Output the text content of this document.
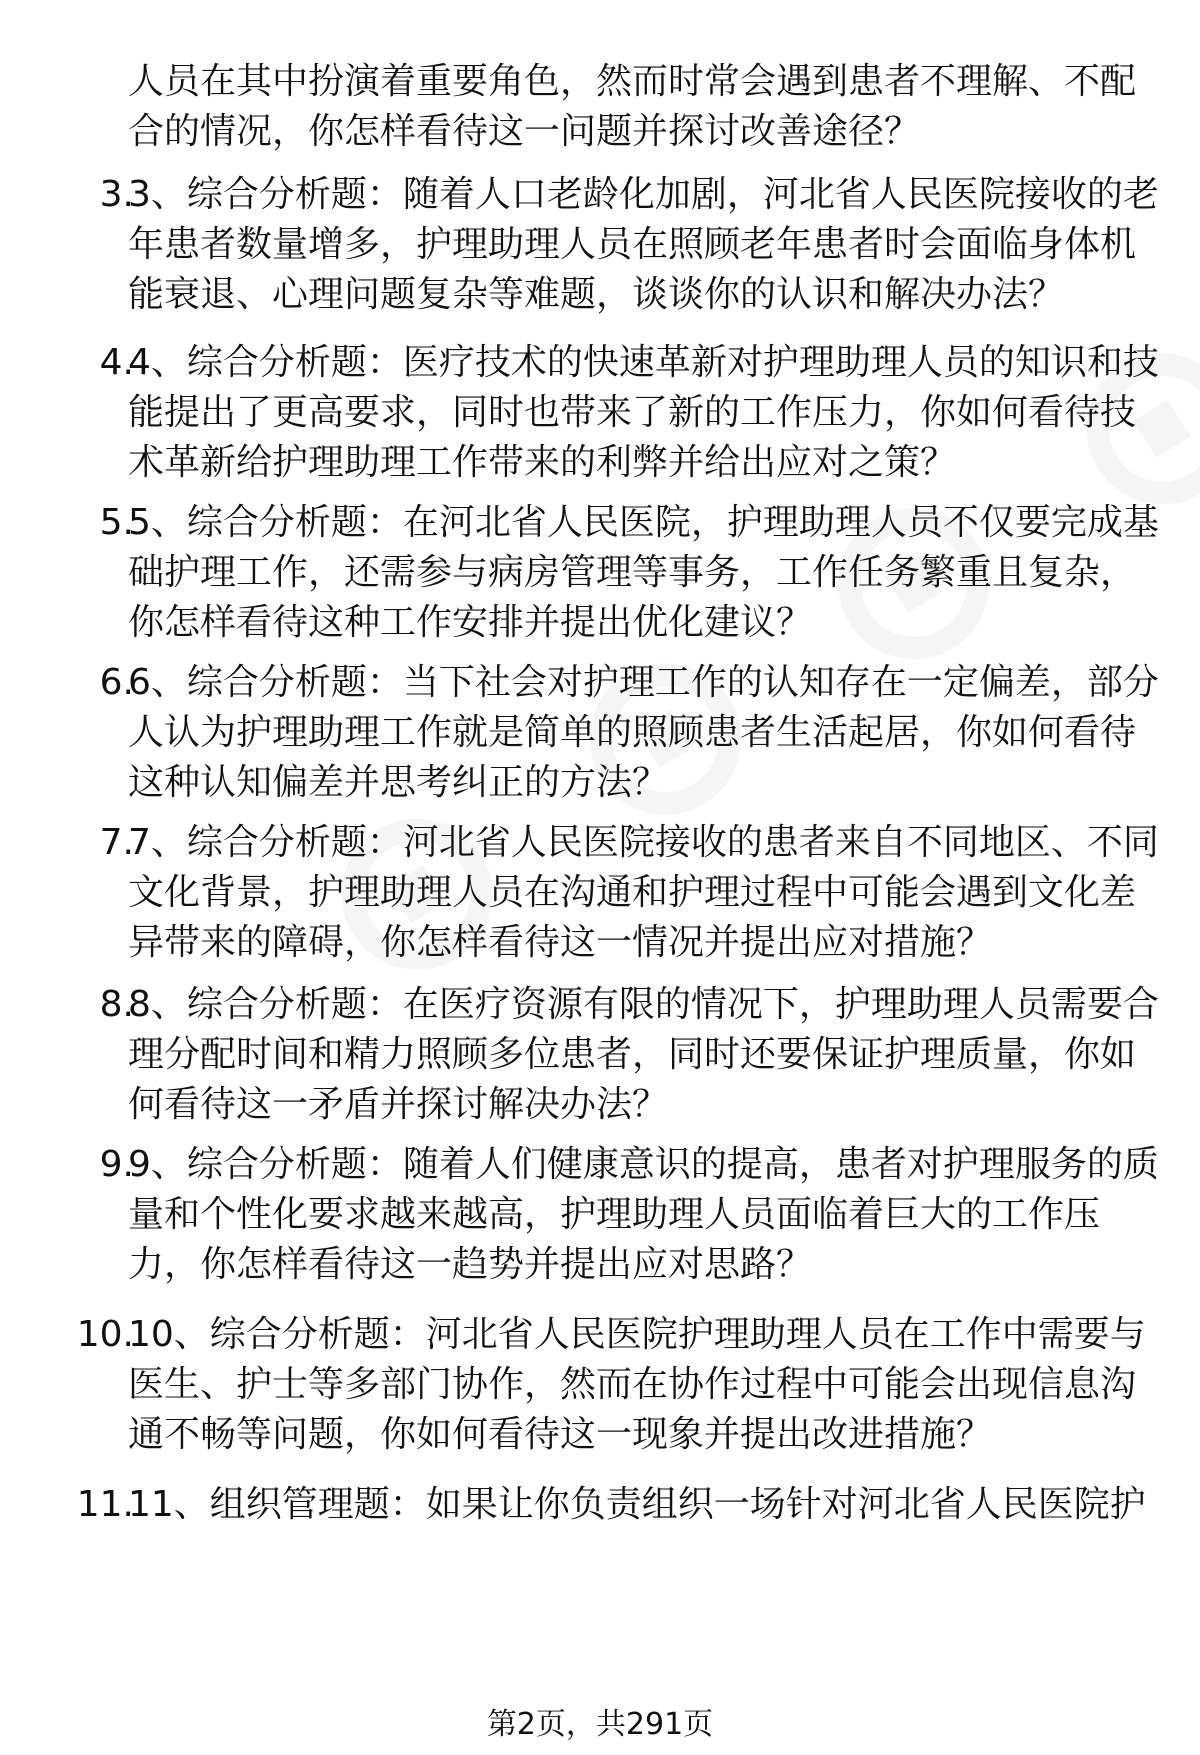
人员在其中扮演着重要角色，然而时常会遇到患者不理解、不配合的情况，你怎样看待这一问题并探讨改善途径？
3.
3、综合分析题：随着人口老龄化加剧，河北省人民医院接收的老年患者数量增多，护理助理人员在照顾老年患者时会面临身体机能衰退、心理问题复杂等难题，谈谈你的认识和解决办法？
4.
4、综合分析题：医疗技术的快速革新对护理助理人员的知识和技能提出了更高要求，同时也带来了新的工作压力，你如何看待技术革新给护理助理工作带来的利弊并给出应对之策？
5.
5、综合分析题：在河北省人民医院，护理助理人员不仅要完成基础护理工作，还需参与病房管理等事务，工作任务繁重且复杂，你怎样看待这种工作安排并提出优化建议？
6.
6、综合分析题：当下社会对护理工作的认知存在一定偏差，部分人认为护理助理工作就是简单的照顾患者生活起居，你如何看待这种认知偏差并思考纠正的方法？
7.
7、综合分析题：河北省人民医院接收的患者来自不同地区、不同文化背景，护理助理人员在沟通和护理过程中可能会遇到文化差异带来的障碍，你怎样看待这一情况并提出应对措施？
8.
8、综合分析题：在医疗资源有限的情况下，护理助理人员需要合理分配时间和精力照顾多位患者，同时还要保证护理质量，你如何看待这一矛盾并探讨解决办法？
9.
9、综合分析题：随着人们健康意识的提高，患者对护理服务的质量和个性化要求越来越高，护理助理人员面临着巨大的工作压力，你怎样看待这一趋势并提出应对思路？
10.
10、综合分析题：河北省人民医院护理助理人员在工作中需要与医生、护士等多部门协作，然而在协作过程中可能会出现信息沟通不畅等问题，你如何看待这一现象并提出改进措施？
11.
11、组织管理题：如果让你负责组织一场针对河北省人民医院护
第2页，共291页
